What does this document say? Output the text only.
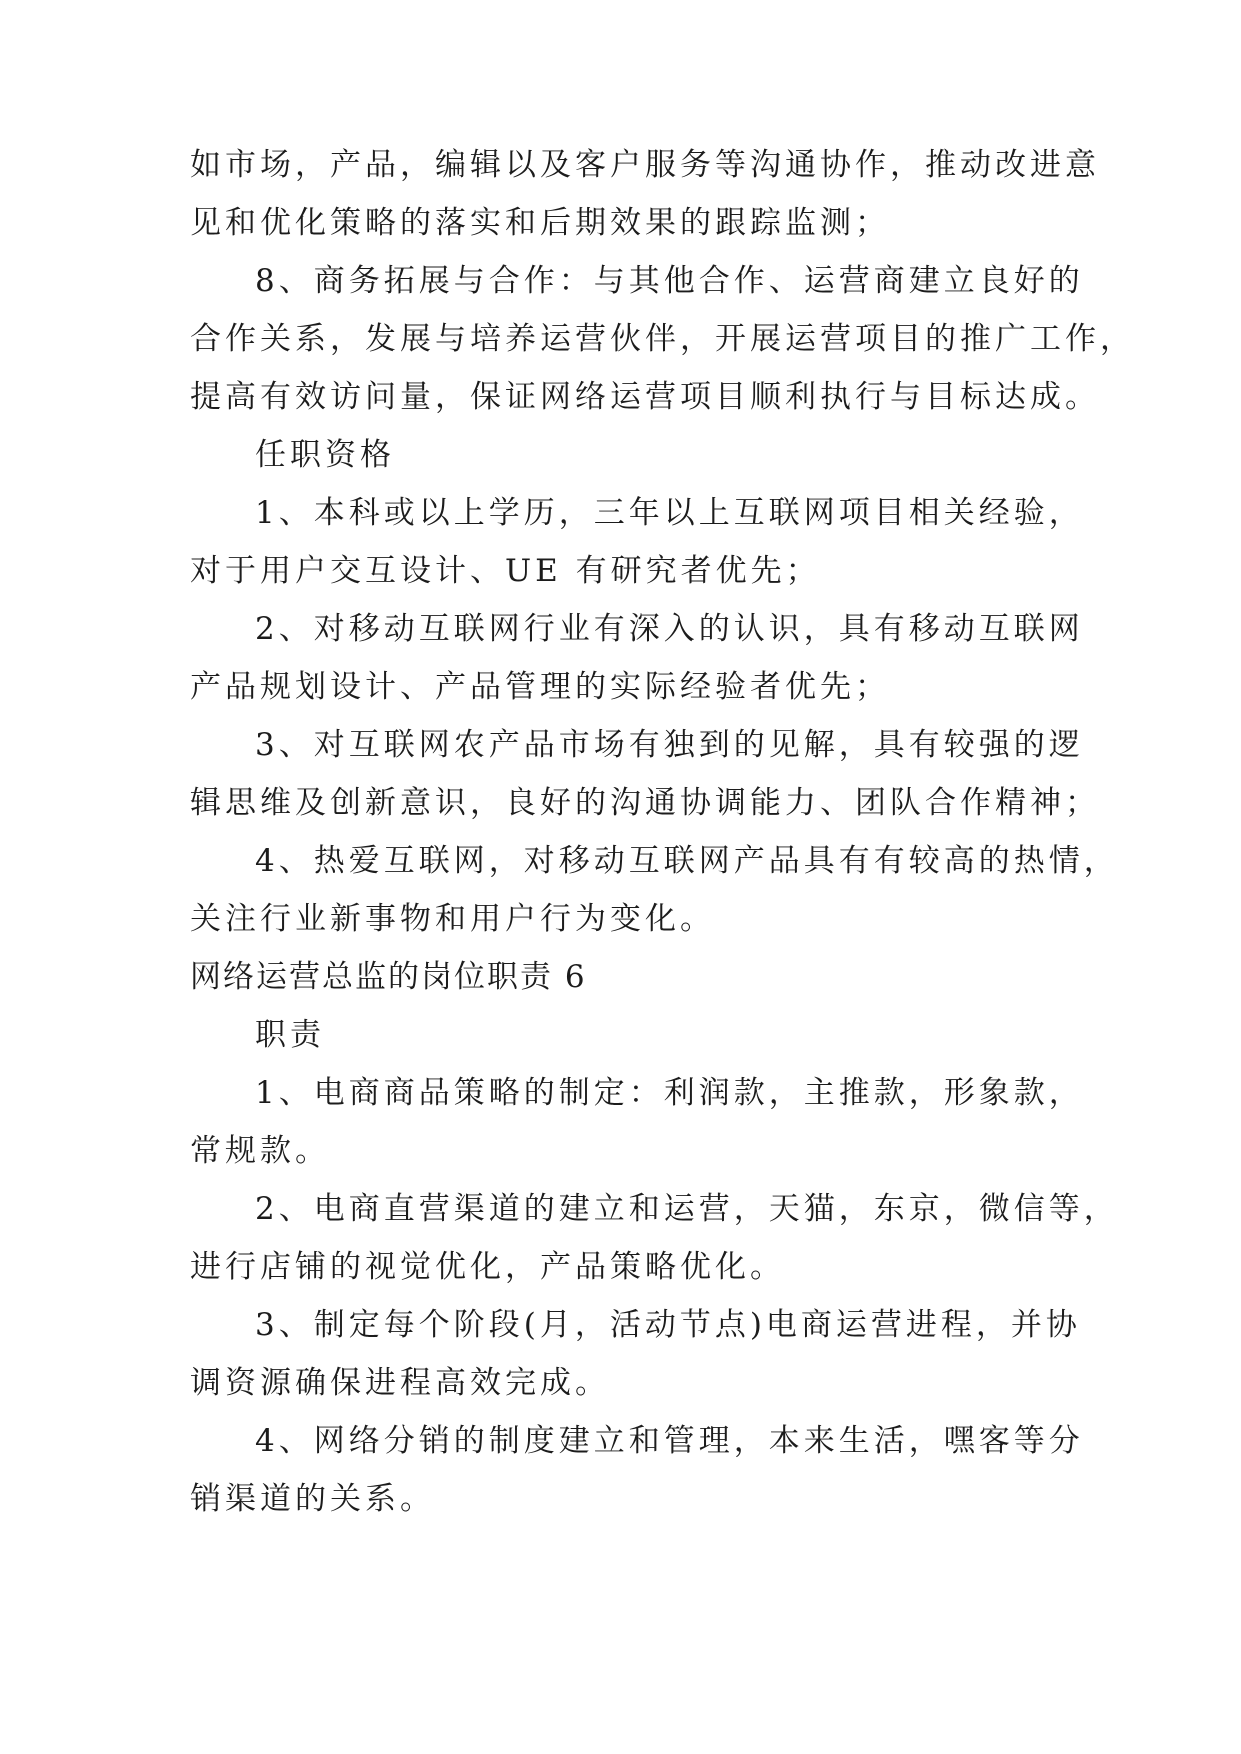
如市场，产品，编辑以及客户服务等沟通协作，推动改进意
见和优化策略的落实和后期效果的跟踪监测；
8、商务拓展与合作：与其他合作、运营商建立良好的
合作关系，发展与培养运营伙伴，开展运营项目的推广工作，
提高有效访问量，保证网络运营项目顺利执行与目标达成。
任职资格
1、本科或以上学历，三年以上互联网项目相关经验，
对于用户交互设计、UE 有研究者优先；
2、对移动互联网行业有深入的认识，具有移动互联网
产品规划设计、产品管理的实际经验者优先；
3、对互联网农产品市场有独到的见解，具有较强的逻
辑思维及创新意识，良好的沟通协调能力、团队合作精神；
4、热爱互联网，对移动互联网产品具有有较高的热情，
关注行业新事物和用户行为变化。
网络运营总监的岗位职责 6
职责
1、电商商品策略的制定：利润款，主推款，形象款，
常规款。
2、电商直营渠道的建立和运营，天猫，东京，微信等，
进行店铺的视觉优化，产品策略优化。
3、制定每个阶段(月，活动节点)电商运营进程，并协
调资源确保进程高效完成。
4、网络分销的制度建立和管理，本来生活，嘿客等分
销渠道的关系。
